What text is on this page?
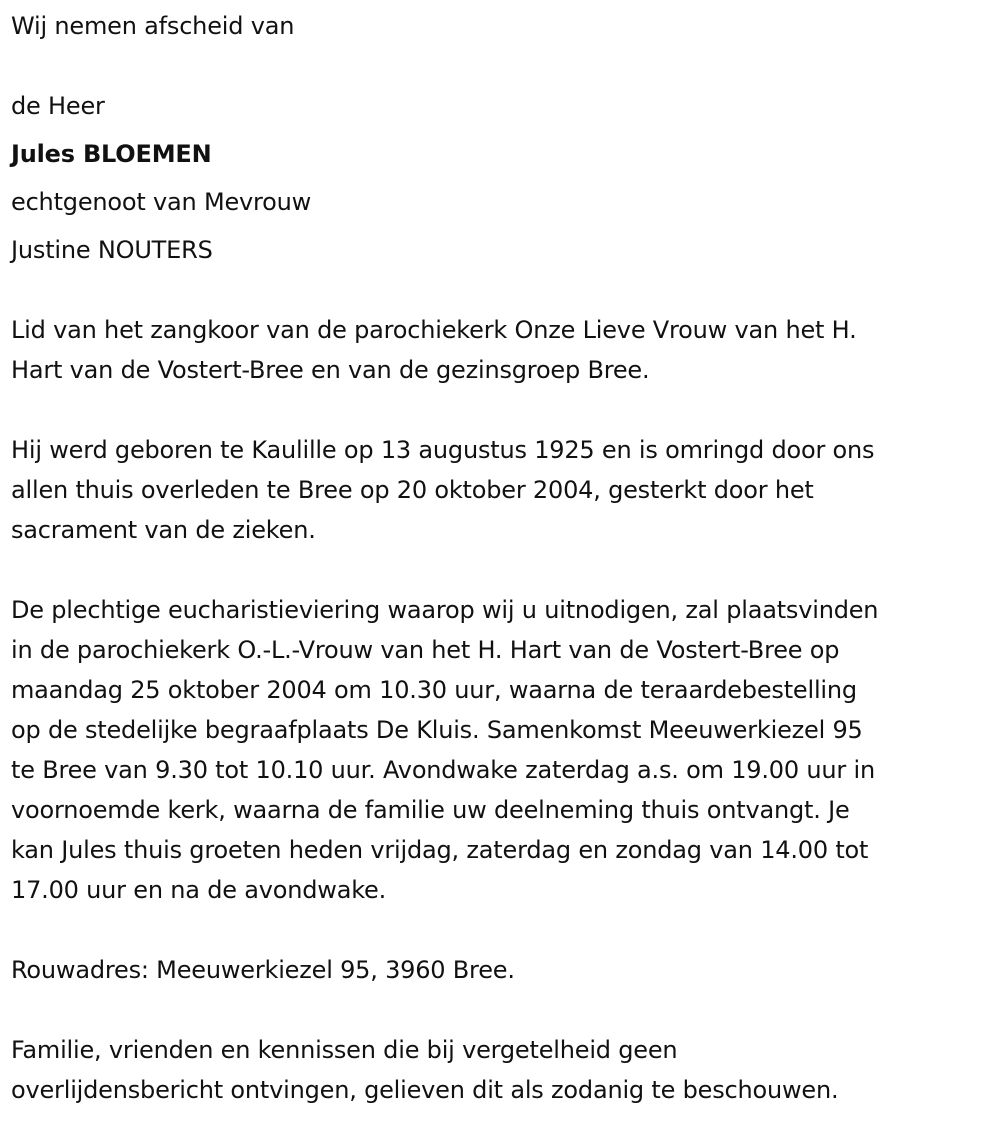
Wij nemen afscheid van

de Heer

Jules BLOEMEN

echtgenoot van Mevrouw

Justine NOUTERS

Lid van het zangkoor van de parochiekerk Onze Lieve Vrouw van het H.
Hart van de Vostert-Bree en van de gezinsgroep Bree.

Hij werd geboren te Kaulille op 13 augustus 1925 en is omringd door ons
allen thuis overleden te Bree op 20 oktober 2004, gesterkt door het
sacrament van de zieken.

De plechtige eucharistieviering waarop wij u uitnodigen, zal plaatsvinden
in de parochiekerk O.-L.-Vrouw van het H. Hart van de Vostert-Bree op
maandag 25 oktober 2004 om 10.30 uur, waarna de teraardebestelling
op de stedelijke begraafplaats De Kluis. Samenkomst Meeuwerkiezel 95
te Bree van 9.30 tot 10.10 uur. Avondwake zaterdag a.s. om 19.00 uur in
voornoemde kerk, waarna de familie uw deelneming thuis ontvangt. Je
kan Jules thuis groeten heden vrijdag, zaterdag en zondag van 14.00 tot
17.00 uur en na de avondwake.

Rouwadres: Meeuwerkiezel 95, 3960 Bree.

Familie, vrienden en kennissen die bij vergetelheid geen
overlijdensbericht ontvingen, gelieven dit als zodanig te beschouwen.
